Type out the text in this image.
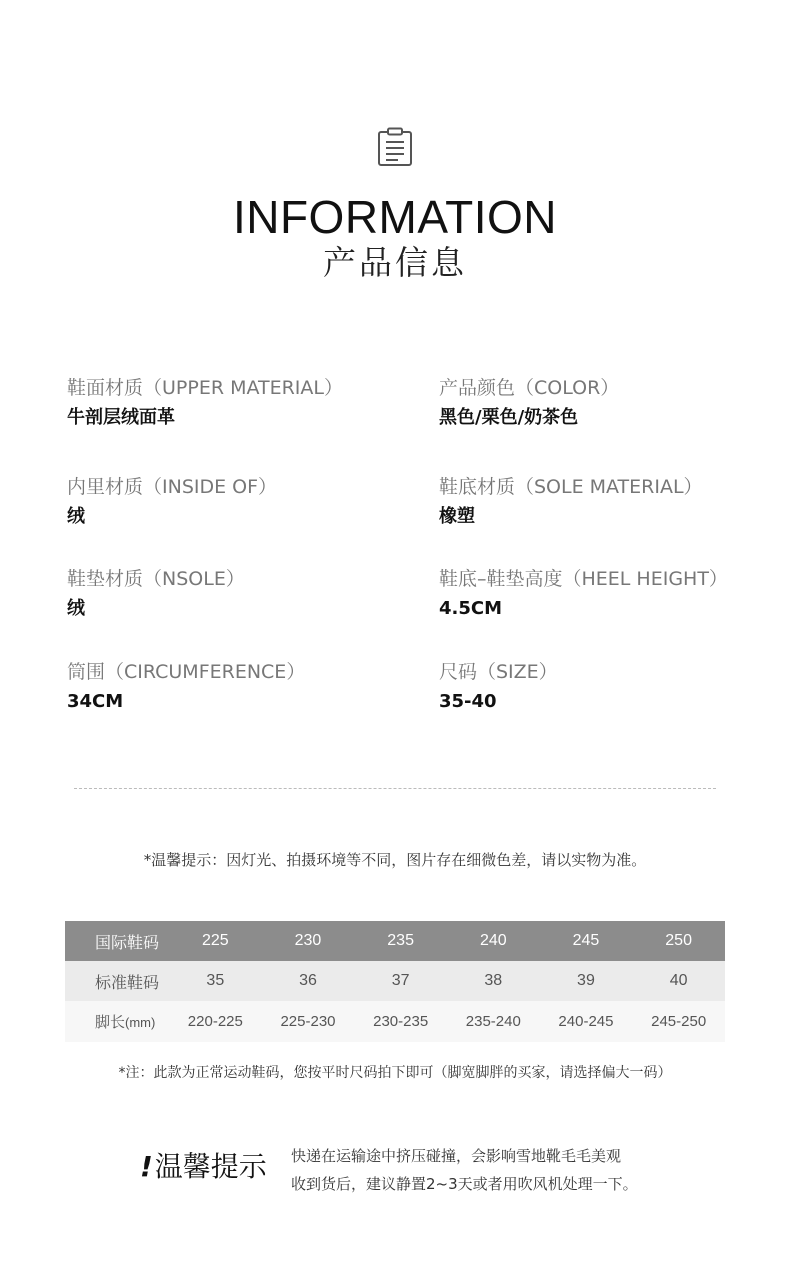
INFORMATION
产品信息
鞋面材质（UPPER MATERIAL）
牛剖层绒面革
产品颜色（COLOR）
黑色/栗色/奶茶色
内里材质（INSIDE OF）
绒
鞋底材质（SOLE MATERIAL）
橡塑
鞋垫材质（NSOLE）
绒
鞋底–鞋垫高度（HEEL HEIGHT）
4.5CM
筒围（CIRCUMFERENCE）
34CM
尺码（SIZE）
35-40
*温馨提示：因灯光、拍摄环境等不同，图片存在细微色差，请以实物为准。
国际鞋码	225	230	235	240	245	250
标准鞋码	35	36	37	38	39	40
脚长(mm)	220-225	225-230	230-235	235-240	240-245	245-250
*注：此款为正常运动鞋码，您按平时尺码拍下即可（脚宽脚胖的买家，请选择偏大一码）
!温馨提示 快递在运输途中挤压碰撞，会影响雪地靴毛毛美观
收到货后，建议静置2~3天或者用吹风机处理一下。
